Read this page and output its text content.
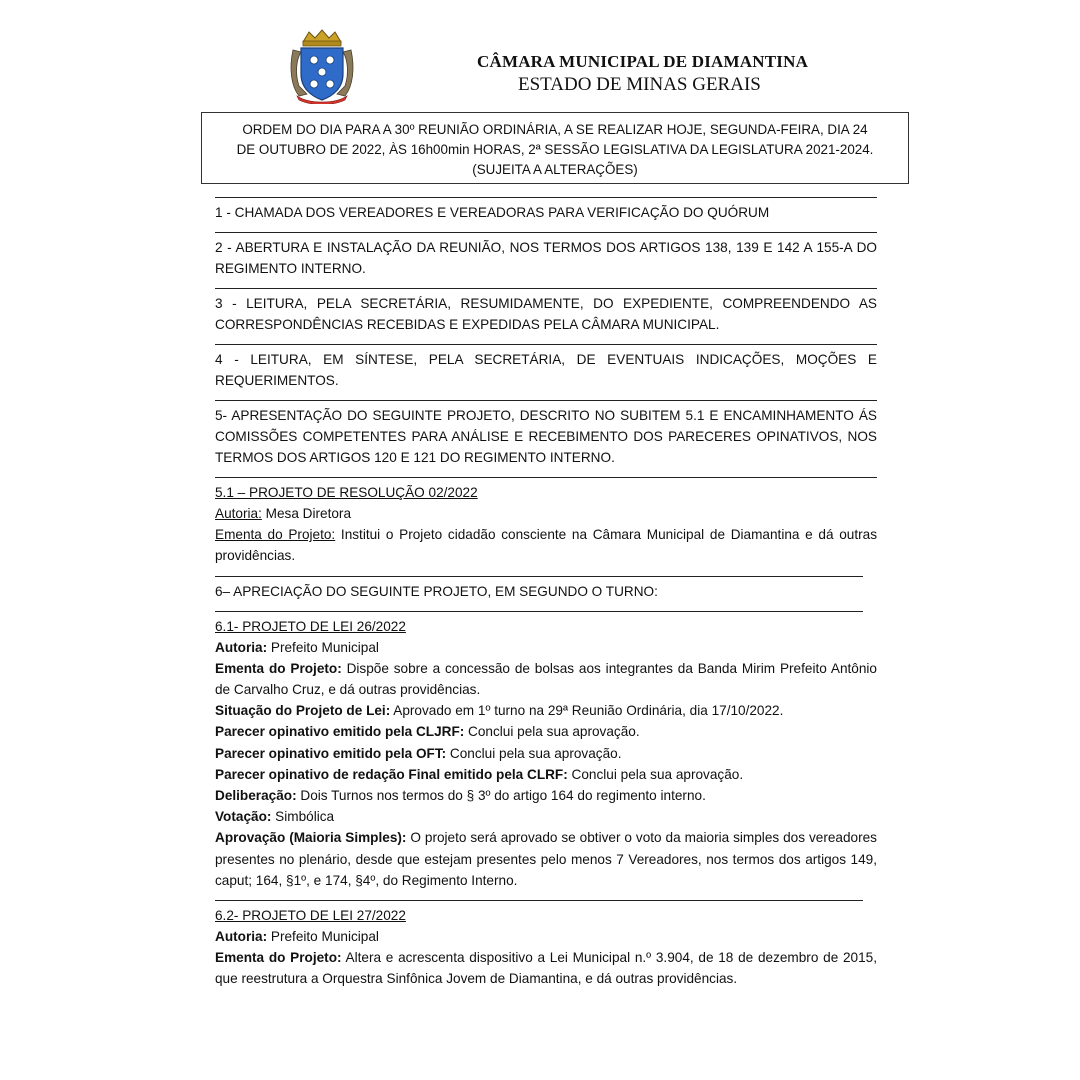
CÂMARA MUNICIPAL DE DIAMANTINA
ESTADO DE MINAS GERAIS
ORDEM DO DIA PARA A 30º REUNIÃO ORDINÁRIA, A SE REALIZAR HOJE, SEGUNDA-FEIRA, DIA 24
DE OUTUBRO DE 2022, ÀS 16h00min HORAS, 2ª SESSÃO LEGISLATIVA DA LEGISLATURA 2021-2024.
(SUJEITA A ALTERAÇÕES)
1 - CHAMADA DOS VEREADORES E VEREADORAS PARA VERIFICAÇÃO DO QUÓRUM
2 - ABERTURA E INSTALAÇÃO DA REUNIÃO, NOS TERMOS DOS ARTIGOS 138, 139 E 142 A 155-A DO REGIMENTO INTERNO.
3 - LEITURA, PELA SECRETÁRIA, RESUMIDAMENTE, DO EXPEDIENTE, COMPREENDENDO AS CORRESPONDÊNCIAS RECEBIDAS E EXPEDIDAS PELA CÂMARA MUNICIPAL.
4 - LEITURA, EM SÍNTESE, PELA SECRETÁRIA, DE EVENTUAIS INDICAÇÕES, MOÇÕES E REQUERIMENTOS.
5- APRESENTAÇÃO DO SEGUINTE PROJETO, DESCRITO NO SUBITEM 5.1 E ENCAMINHAMENTO ÁS COMISSÕES COMPETENTES PARA ANÁLISE E RECEBIMENTO DOS PARECERES OPINATIVOS, NOS TERMOS DOS ARTIGOS 120 E 121 DO REGIMENTO INTERNO.
5.1 – PROJETO DE RESOLUÇÃO 02/2022
Autoria: Mesa Diretora
Ementa do Projeto: Institui o Projeto cidadão consciente na Câmara Municipal de Diamantina e dá outras providências.
6– APRECIAÇÃO DO SEGUINTE PROJETO, EM SEGUNDO O TURNO:
6.1- PROJETO DE LEI 26/2022
Autoria: Prefeito Municipal
Ementa do Projeto: Dispõe sobre a concessão de bolsas aos integrantes da Banda Mirim Prefeito Antônio de Carvalho Cruz, e dá outras providências.
Situação do Projeto de Lei: Aprovado em 1º turno na 29ª Reunião Ordinária, dia 17/10/2022.
Parecer opinativo emitido pela CLJRF: Conclui pela sua aprovação.
Parecer opinativo emitido pela OFT: Conclui pela sua aprovação.
Parecer opinativo de redação Final emitido pela CLRF: Conclui pela sua aprovação.
Deliberação: Dois Turnos nos termos do § 3º do artigo 164 do regimento interno.
Votação: Simbólica
Aprovação (Maioria Simples): O projeto será aprovado se obtiver o voto da maioria simples dos vereadores presentes no plenário, desde que estejam presentes pelo menos 7 Vereadores, nos termos dos artigos 149, caput; 164, §1º, e 174, §4º, do Regimento Interno.
6.2- PROJETO DE LEI 27/2022
Autoria: Prefeito Municipal
Ementa do Projeto: Altera e acrescenta dispositivo a Lei Municipal n.º 3.904, de 18 de dezembro de 2015, que reestrutura a Orquestra Sinfônica Jovem de Diamantina, e dá outras providências.
